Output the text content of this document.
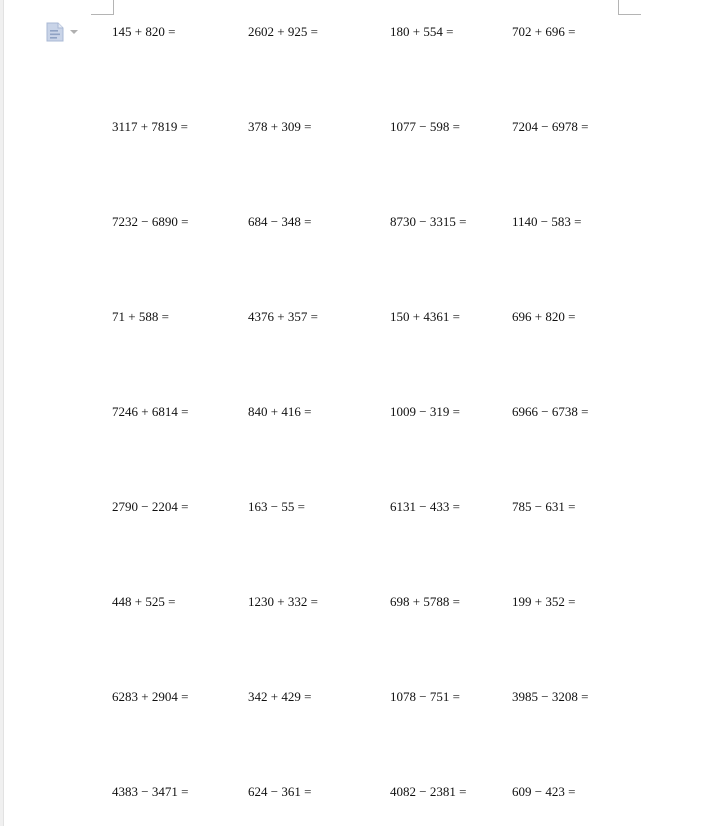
145 + 820 =	2602 + 925 =	180 + 554 =	702 + 696 =
3117 + 7819 =	378 + 309 =	1077 − 598 =	7204 − 6978 =
7232 − 6890 =	684 − 348 =	8730 − 3315 =	1140 − 583 =
71 + 588 =	4376 + 357 =	150 + 4361 =	696 + 820 =
7246 + 6814 =	840 + 416 =	1009 − 319 =	6966 − 6738 =
2790 − 2204 =	163 − 55 =	6131 − 433 =	785 − 631 =
448 + 525 =	1230 + 332 =	698 + 5788 =	199 + 352 =
6283 + 2904 =	342 + 429 =	1078 − 751 =	3985 − 3208 =
4383 − 3471 =	624 − 361 =	4082 − 2381 =	609 − 423 =
